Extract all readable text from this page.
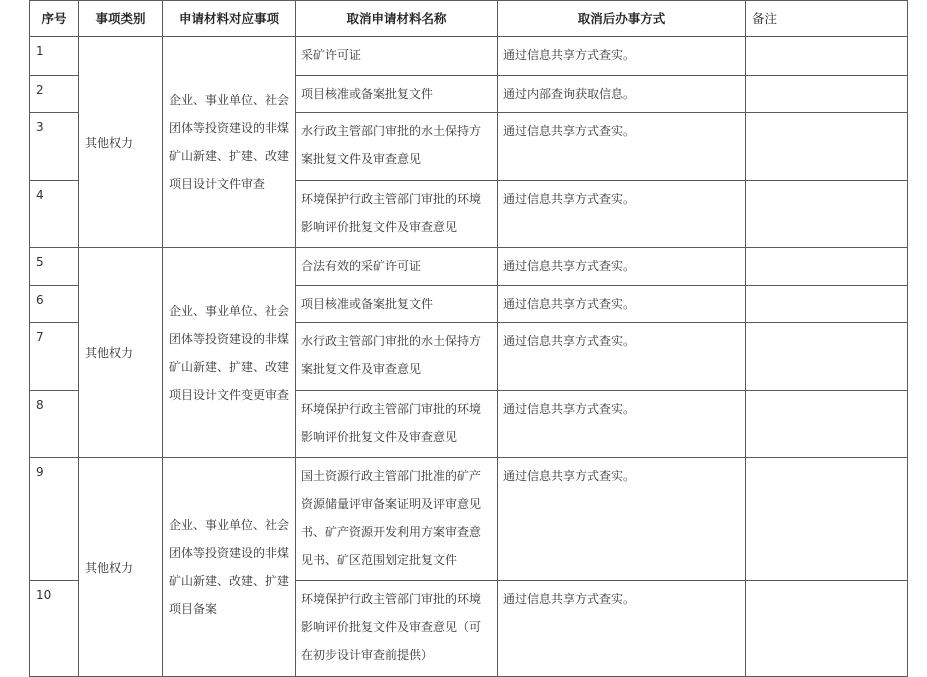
序号	事项类别	申请材料对应事项	取消申请材料名称	取消后办事方式	备注
1	其他权力	企业、事业单位、社会团体等投资建设的非煤矿山新建、扩建、改建项目设计文件审查	采矿许可证	通过信息共享方式查实。	
2			项目核准或备案批复文件	通过内部查询获取信息。	
3			水行政主管部门审批的水土保持方案批复文件及审查意见	通过信息共享方式查实。	
4			环境保护行政主管部门审批的环境影响评价批复文件及审查意见	通过信息共享方式查实。	
5	其他权力	企业、事业单位、社会团体等投资建设的非煤矿山新建、扩建、改建项目设计文件变更审查	合法有效的采矿许可证	通过信息共享方式查实。	
6			项目核准或备案批复文件	通过信息共享方式查实。	
7			水行政主管部门审批的水土保持方案批复文件及审查意见	通过信息共享方式查实。	
8			环境保护行政主管部门审批的环境影响评价批复文件及审查意见	通过信息共享方式查实。	
9	其他权力	企业、事业单位、社会团体等投资建设的非煤矿山新建、改建、扩建项目备案	国土资源行政主管部门批准的矿产资源储量评审备案证明及评审意见书、矿产资源开发利用方案审查意见书、矿区范围划定批复文件	通过信息共享方式查实。	
10			环境保护行政主管部门审批的环境影响评价批复文件及审查意见（可在初步设计审查前提供）	通过信息共享方式查实。	
